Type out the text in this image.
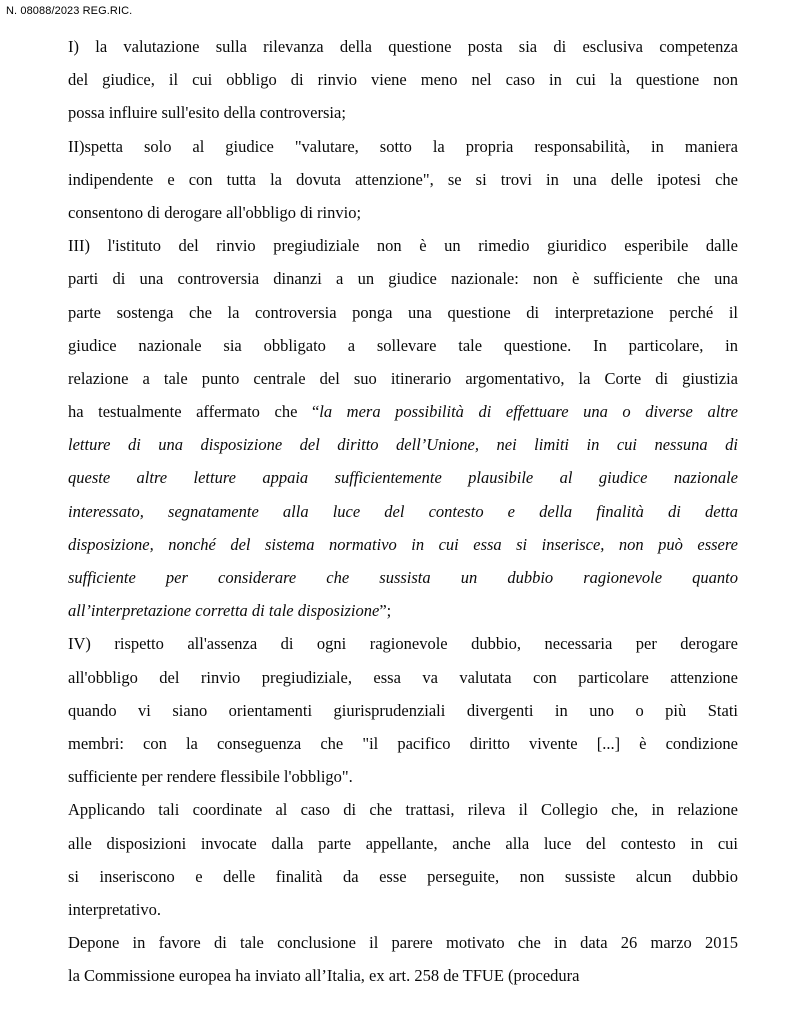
N. 08088/2023 REG.RIC.
I) la valutazione sulla rilevanza della questione posta sia di esclusiva competenza
del giudice, il cui obbligo di rinvio viene meno nel caso in cui la questione non
possa influire sull'esito della controversia;
II)spetta solo al giudice "valutare, sotto la propria responsabilità, in maniera
indipendente e con tutta la dovuta attenzione", se si trovi in una delle ipotesi che
consentono di derogare all'obbligo di rinvio;
III) l'istituto del rinvio pregiudiziale non è un rimedio giuridico esperibile dalle
parti di una controversia dinanzi a un giudice nazionale: non è sufficiente che una
parte sostenga che la controversia ponga una questione di interpretazione perché il
giudice nazionale sia obbligato a sollevare tale questione. In particolare, in
relazione a tale punto centrale del suo itinerario argomentativo, la Corte di giustizia
ha testualmente affermato che “la mera possibilità di effettuare una o diverse altre
letture di una disposizione del diritto dell’Unione, nei limiti in cui nessuna di
queste altre letture appaia sufficientemente plausibile al giudice nazionale
interessato, segnatamente alla luce del contesto e della finalità di detta
disposizione, nonché del sistema normativo in cui essa si inserisce, non può essere
sufficiente per considerare che sussista un dubbio ragionevole quanto
all’interpretazione corretta di tale disposizione”;
IV) rispetto all'assenza di ogni ragionevole dubbio, necessaria per derogare
all'obbligo del rinvio pregiudiziale, essa va valutata con particolare attenzione
quando vi siano orientamenti giurisprudenziali divergenti in uno o più Stati
membri: con la conseguenza che "il pacifico diritto vivente [...] è condizione
sufficiente per rendere flessibile l'obbligo".
Applicando tali coordinate al caso di che trattasi, rileva il Collegio che, in relazione
alle disposizioni invocate dalla parte appellante, anche alla luce del contesto in cui
si inseriscono e delle finalità da esse perseguite, non sussiste alcun dubbio
interpretativo.
Depone in favore di tale conclusione il parere motivato che in data 26 marzo 2015
la Commissione europea ha inviato all’Italia, ex art. 258 de TFUE (procedura
